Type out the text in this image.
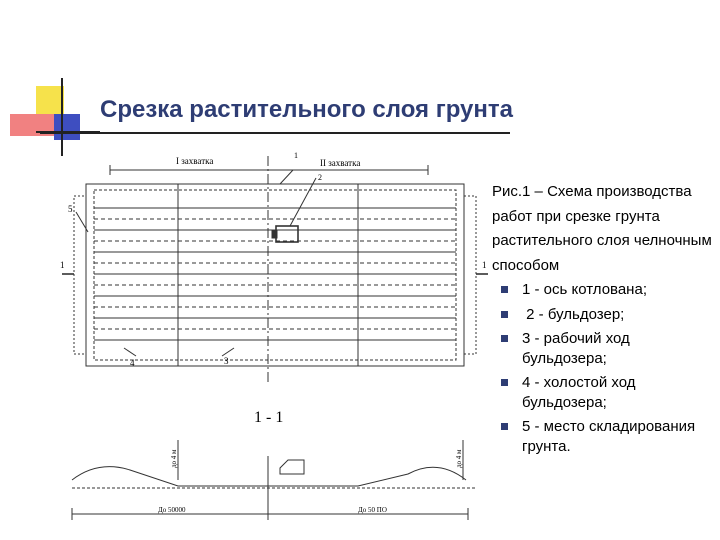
Срезка растительного слоя грунта
I захватка	II захватка
1
2
3
4
5
1	1
1 - 1
До 50000	До 50 ПО
до 4 м	до 4 м

Рис.1 – Схема производства работ при срезке грунта растительного слоя челночным способом

1 - ось котлована;
2 - бульдозер;
3 - рабочий ход бульдозера;
4 - холостой ход бульдозера;
5 - место складирования грунта.
